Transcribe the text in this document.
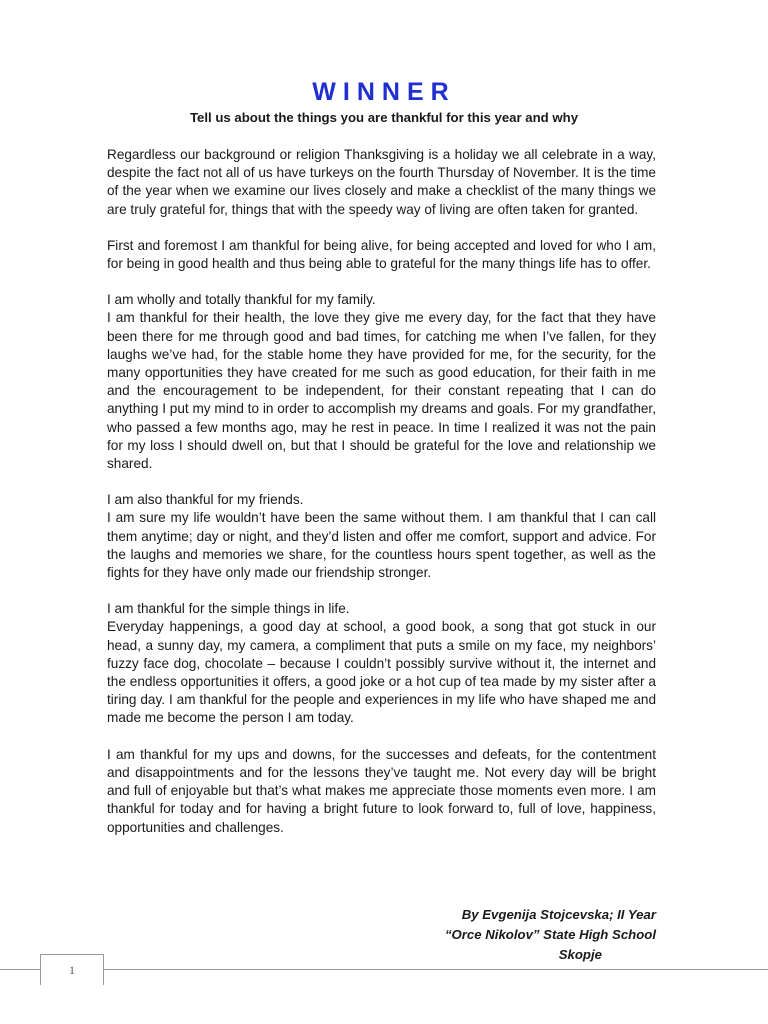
WINNER
Tell us about the things you are thankful for this year and why

Regardless our background or religion Thanksgiving is a holiday we all celebrate in a way, despite the fact not all of us have turkeys on the fourth Thursday of November. It is the time of the year when we examine our lives closely and make a checklist of the many things we are truly grateful for, things that with the speedy way of living are often taken for granted.

First and foremost I am thankful for being alive, for being accepted and loved for who I am, for being in good health and thus being able to grateful for the many things life has to offer.

I am wholly and totally thankful for my family.
I am thankful for their health, the love they give me every day, for the fact that they have been there for me through good and bad times, for catching me when I’ve fallen, for they laughs we’ve had, for the stable home they have provided for me, for the security, for the many opportunities they have created for me such as good education, for their faith in me and the encouragement to be independent, for their constant repeating that I can do anything I put my mind to in order to accomplish my dreams and goals. For my grandfather, who passed a few months ago, may he rest in peace. In time I realized it was not the pain for my loss I should dwell on, but that I should be grateful for the love and relationship we shared.

I am also thankful for my friends.
I am sure my life wouldn’t have been the same without them. I am thankful that I can call them anytime; day or night, and they’d listen and offer me comfort, support and advice. For the laughs and memories we share, for the countless hours spent together, as well as the fights for they have only made our friendship stronger.

I am thankful for the simple things in life.
Everyday happenings, a good day at school, a good book, a song that got stuck in our head, a sunny day, my camera, a compliment that puts a smile on my face, my neighbors’ fuzzy face dog, chocolate – because I couldn’t possibly survive without it, the internet and the endless opportunities it offers, a good joke or a hot cup of tea made by my sister after a tiring day. I am thankful for the people and experiences in my life who have shaped me and made me become the person I am today.

I am thankful for my ups and downs, for the successes and defeats, for the contentment and disappointments and for the lessons they’ve taught me. Not every day will be bright and full of enjoyable but that’s what makes me appreciate those moments even more. I am thankful for today and for having a bright future to look forward to, full of love, happiness, opportunities and challenges.

By Evgenija Stojcevska; II Year
“Orce Nikolov” State High School
Skopje
1
